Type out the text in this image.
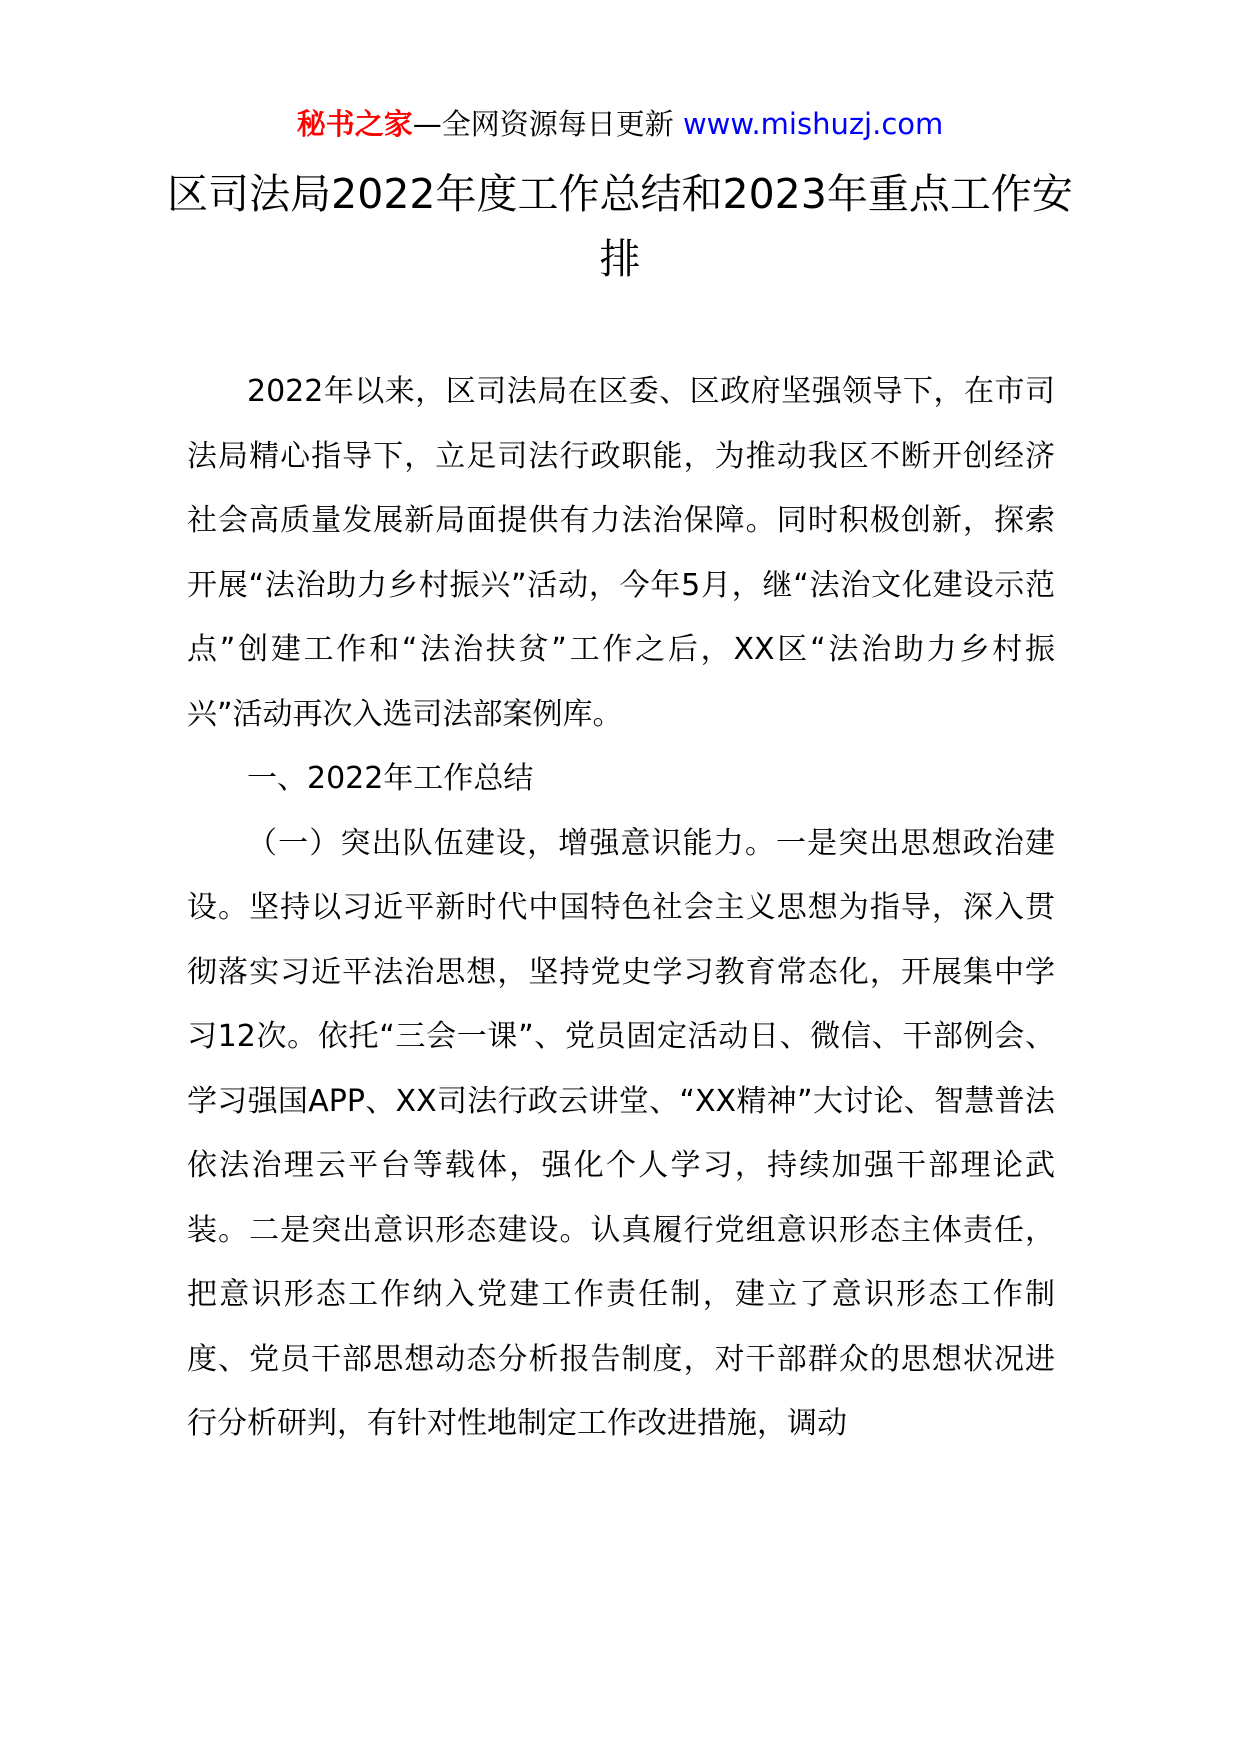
秘书之家—全网资源每日更新 www.mishuzj.com
区司法局2022年度工作总结和2023年重点工作安排

2022年以来，区司法局在区委、区政府坚强领导下，在市司法局精心指导下，立足司法行政职能，为推动我区不断开创经济社会高质量发展新局面提供有力法治保障。同时积极创新，探索开展“法治助力乡村振兴”活动，今年5月，继“法治文化建设示范点”创建工作和“法治扶贫”工作之后，XX区“法治助力乡村振兴”活动再次入选司法部案例库。

一、2022年工作总结

（一）突出队伍建设，增强意识能力。一是突出思想政治建设。坚持以习近平新时代中国特色社会主义思想为指导，深入贯彻落实习近平法治思想，坚持党史学习教育常态化，开展集中学习12次。依托“三会一课”、党员固定活动日、微信、干部例会、学习强国APP、XX司法行政云讲堂、“XX精神”大讨论、智慧普法依法治理云平台等载体，强化个人学习，持续加强干部理论武装。二是突出意识形态建设。认真履行党组意识形态主体责任，把意识形态工作纳入党建工作责任制，建立了意识形态工作制度、党员干部思想动态分析报告制度，对干部群众的思想状况进行分析研判，有针对性地制定工作改进措施，调动
